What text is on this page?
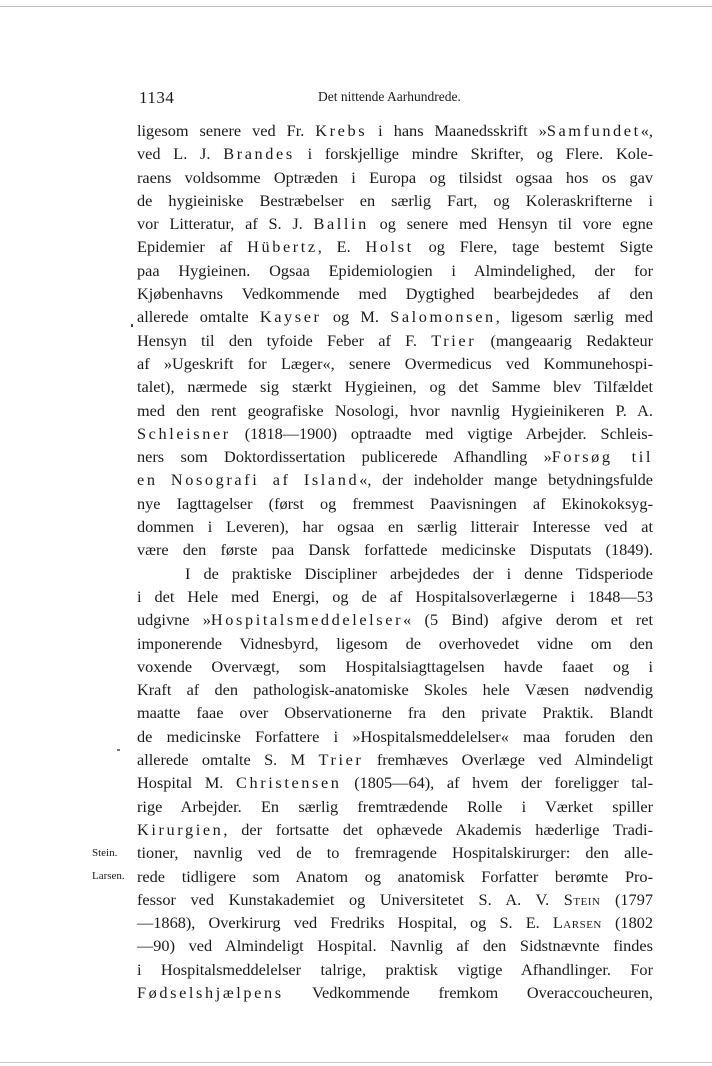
1134	Det nittende Aarhundrede.
Stein.
Larsen.
ligesom senere ved Fr. Krebs i hans Maanedsskrift »Samfundet«,
ved L. J. Brandes i forskjellige mindre Skrifter, og Flere. Kole-
raens voldsomme Optræden i Europa og tilsidst ogsaa hos os gav
de hygieiniske Bestræbelser en særlig Fart, og Koleraskrifterne i
vor Litteratur, af S. J. Ballin og senere med Hensyn til vore egne
Epidemier af Hübertz, E. Holst og Flere, tage bestemt Sigte
paa Hygieinen. Ogsaa Epidemiologien i Almindelighed, der for
Kjøbenhavns Vedkommende med Dygtighed bearbejdedes af den
allerede omtalte Kayser og M. Salomonsen, ligesom særlig med
Hensyn til den tyfoide Feber af F. Trier (mangeaarig Redakteur
af »Ugeskrift for Læger«, senere Overmedicus ved Kommunehospi-
talet), nærmede sig stærkt Hygieinen, og det Samme blev Tilfældet
med den rent geografiske Nosologi, hvor navnlig Hygieinikeren P. A.
Schleisner (1818—1900) optraadte med vigtige Arbejder. Schleis-
ners som Doktordissertation publicerede Afhandling »Forsøg til
en Nosografi af Island«, der indeholder mange betydningsfulde
nye Iagttagelser (først og fremmest Paavisningen af Ekinokoksyg-
dommen i Leveren), har ogsaa en særlig litterair Interesse ved at
være den første paa Dansk forfattede medicinske Disputats (1849).
I de praktiske Discipliner arbejdedes der i denne Tidsperiode
i det Hele med Energi, og de af Hospitalsoverlægerne i 1848—53
udgivne »Hospitalsmeddelelser« (5 Bind) afgive derom et ret
imponerende Vidnesbyrd, ligesom de overhovedet vidne om den
voxende Overvægt, som Hospitalsiagttagelsen havde faaet og i
Kraft af den pathologisk-anatomiske Skoles hele Væsen nødvendig
maatte faae over Observationerne fra den private Praktik. Blandt
de medicinske Forfattere i »Hospitalsmeddelelser« maa foruden den
allerede omtalte S. M Trier fremhæves Overlæge ved Almindeligt
Hospital M. Christensen (1805—64), af hvem der foreligger tal-
rige Arbejder. En særlig fremtrædende Rolle i Værket spiller
Kirurgien, der fortsatte det ophævede Akademis hæderlige Tradi-
tioner, navnlig ved de to fremragende Hospitalskirurger: den alle-
rede tidligere som Anatom og anatomisk Forfatter berømte Pro-
fessor ved Kunstakademiet og Universitetet S. A. V. Stein (1797
—1868), Overkirurg ved Fredriks Hospital, og S. E. Larsen (1802
—90) ved Almindeligt Hospital. Navnlig af den Sidstnævnte findes
i Hospitalsmeddelelser talrige, praktisk vigtige Afhandlinger. For
Fødselshjælpens Vedkommende fremkom Overaccoucheuren,
